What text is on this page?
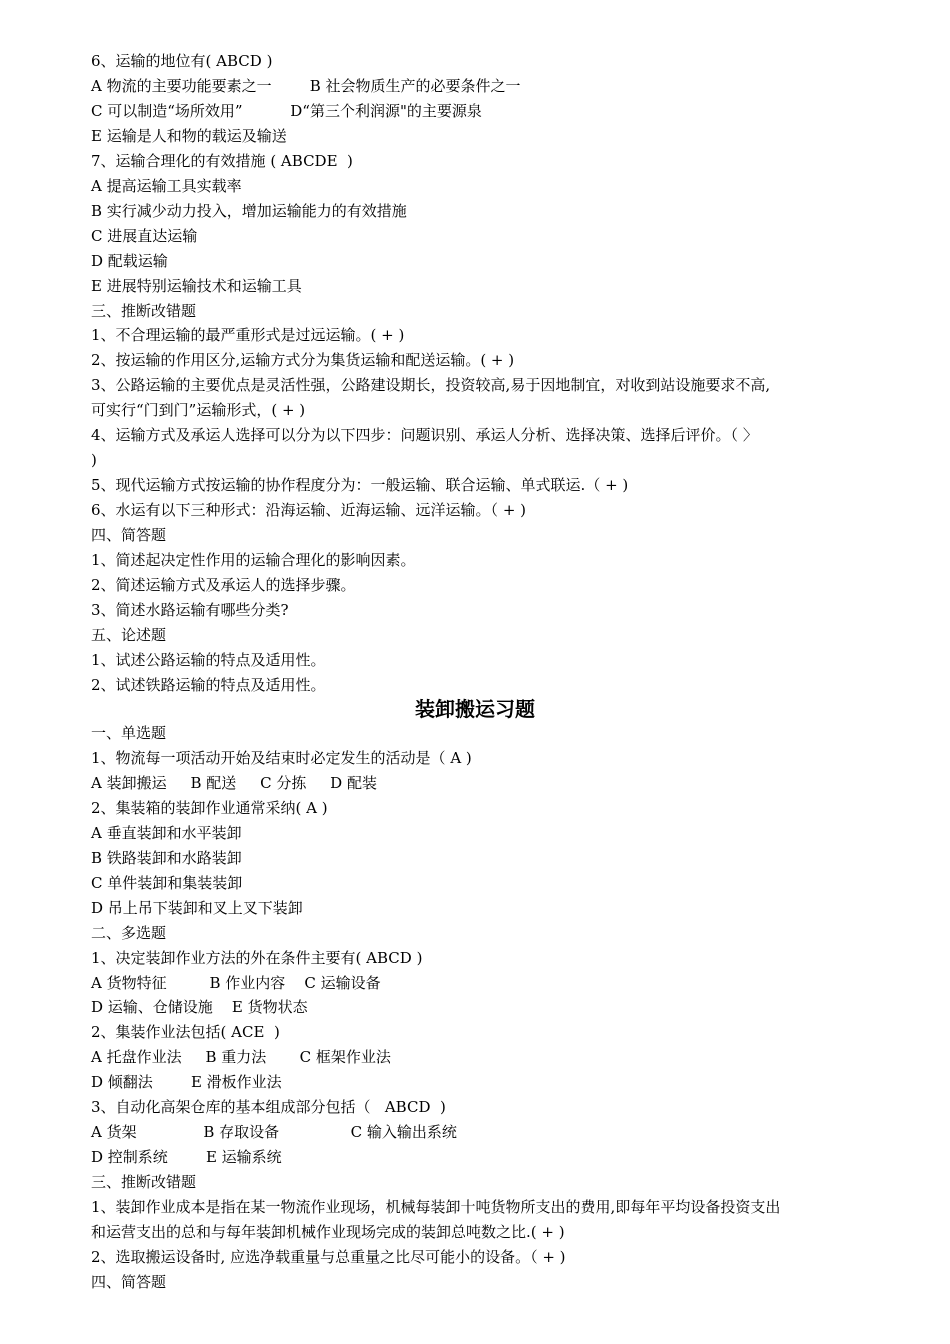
6、运输的地位有( ABCD )

A 物流的主要功能要素之一        B 社会物质生产的必要条件之一

C 可以制造“场所效用”          D“第三个利润源"的主要源泉

E 运输是人和物的载运及输送

7、运输合理化的有效措施 ( ABCDE  )

A 提高运输工具实载率

B 实行减少动力投入，增加运输能力的有效措施

C 进展直达运输

D 配载运输

E 进展特别运输技术和运输工具

三、推断改错题

1、不合理运输的最严重形式是过远运输。( + )

2、按运输的作用区分,运输方式分为集货运输和配送运输。( + )

3、公路运输的主要优点是灵活性强，公路建设期长，投资较高,易于因地制宜，对收到站设施要求不高,

可实行“门到门”运输形式，( + )

4、运输方式及承运人选择可以分为以下四步：问题识别、承运人分析、选择决策、选择后评价。（ 〉

)

5、现代运输方式按运输的协作程度分为：一般运输、联合运输、单式联运.（ + )

6、水运有以下三种形式：沿海运输、近海运输、远洋运输。（ + )

四、简答题

1、简述起决定性作用的运输合理化的影响因素。

2、简述运输方式及承运人的选择步骤。

3、简述水路运输有哪些分类?

五、论述题

1、试述公路运输的特点及适用性。

2、试述铁路运输的特点及适用性。

装卸搬运习题

一、单选题

1、物流每一项活动开始及结束时必定发生的活动是（ A )

A 装卸搬运     B 配送     C 分拣     D 配装

2、集装箱的装卸作业通常采纳( A )

A 垂直装卸和水平装卸

B 铁路装卸和水路装卸

C 单件装卸和集装装卸

D 吊上吊下装卸和叉上叉下装卸

二、多选题

1、决定装卸作业方法的外在条件主要有( ABCD )

A 货物特征         B 作业内容    C 运输设备

D 运输、仓储设施    E 货物状态

2、集装作业法包括( ACE  )

A 托盘作业法     B 重力法       C 框架作业法

D 倾翻法        E 滑板作业法

3、自动化高架仓库的基本组成部分包括（   ABCD  )

A 货架              B 存取设备               C 输入输出系统

D 控制系统        E 运输系统

三、推断改错题

1、装卸作业成本是指在某一物流作业现场，机械每装卸十吨货物所支出的费用,即每年平均设备投资支出

和运营支出的总和与每年装卸机械作业现场完成的装卸总吨数之比.( + )

2、选取搬运设备时, 应选净载重量与总重量之比尽可能小的设备。（ + )

四、简答题
